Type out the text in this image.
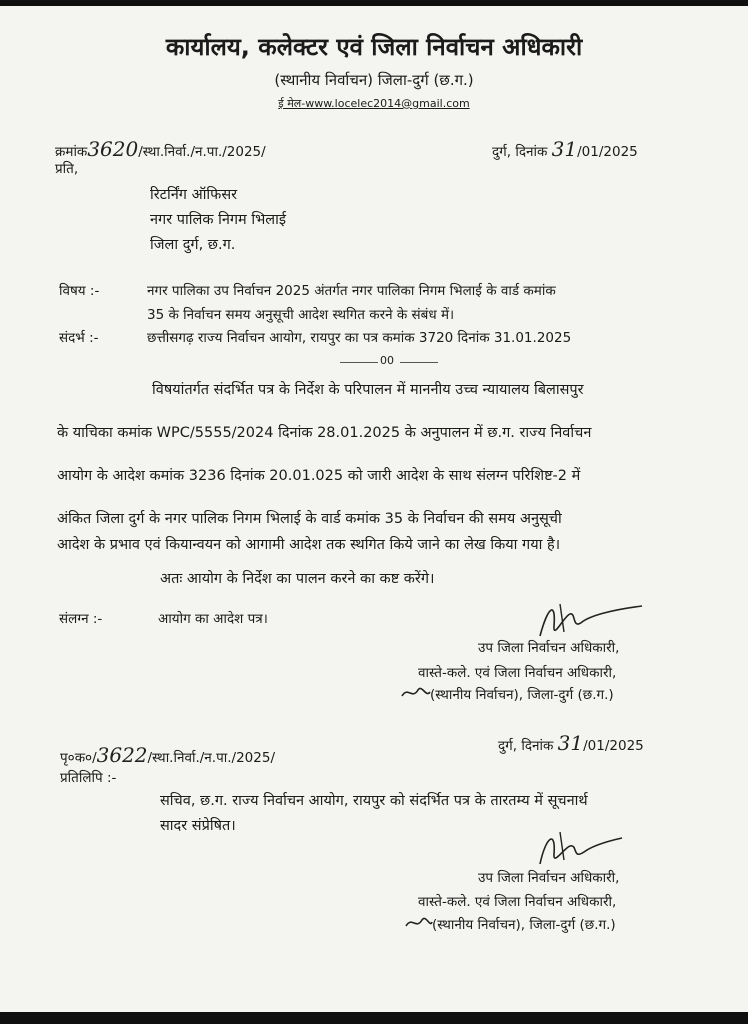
कार्यालय, कलेक्टर एवं जिला निर्वाचन अधिकारी
(स्थानीय निर्वाचन) जिला-दुर्ग (छ.ग.)
ई मेल-www.locelec2014@gmail.com
क्रमांक3620/स्था.निर्वा./न.पा./2025/	दुर्ग, दिनांक 31/01/2025
प्रति,
रिटर्निंग ऑफिसर
नगर पालिक निगम भिलाई
जिला दुर्ग, छ.ग.
विषय :-	नगर पालिका उप निर्वाचन 2025 अंतर्गत नगर पालिका निगम भिलाई के वार्ड कमांक
35 के निर्वाचन समय अनुसूची आदेश स्थगित करने के संबंध में।
संदर्भ :-	छत्तीसगढ़ राज्य निर्वाचन आयोग, रायपुर का पत्र कमांक 3720 दिनांक 31.01.2025
00
विषयांतर्गत संदर्भित पत्र के निर्देश के परिपालन में माननीय उच्च न्यायालय बिलासपुर
के याचिका कमांक WPC/5555/2024 दिनांक 28.01.2025 के अनुपालन में छ.ग. राज्य निर्वाचन
आयोग के आदेश कमांक 3236 दिनांक 20.01.025 को जारी आदेश के साथ संलग्न परिशिष्ट-2 में
अंकित जिला दुर्ग के नगर पालिक निगम भिलाई के वार्ड कमांक 35 के निर्वाचन की समय अनुसूची
आदेश के प्रभाव एवं कियान्वयन को आगामी आदेश तक स्थगित किये जाने का लेख किया गया है।
अतः आयोग के निर्देश का पालन करने का कष्ट करेंगे।
संलग्न :-	आयोग का आदेश पत्र।
उप जिला निर्वाचन अधिकारी,
वास्ते-कले. एवं जिला निर्वाचन अधिकारी,
(स्थानीय निर्वाचन), जिला-दुर्ग (छ.ग.)
पृ०क०/3622/स्था.निर्वा./न.पा./2025/
दुर्ग, दिनांक 31/01/2025
प्रतिलिपि :-
सचिव, छ.ग. राज्य निर्वाचन आयोग, रायपुर को संदर्भित पत्र के तारतम्य में सूचनार्थ
सादर संप्रेषित।
उप जिला निर्वाचन अधिकारी,
वास्ते-कले. एवं जिला निर्वाचन अधिकारी,
(स्थानीय निर्वाचन), जिला-दुर्ग (छ.ग.)
